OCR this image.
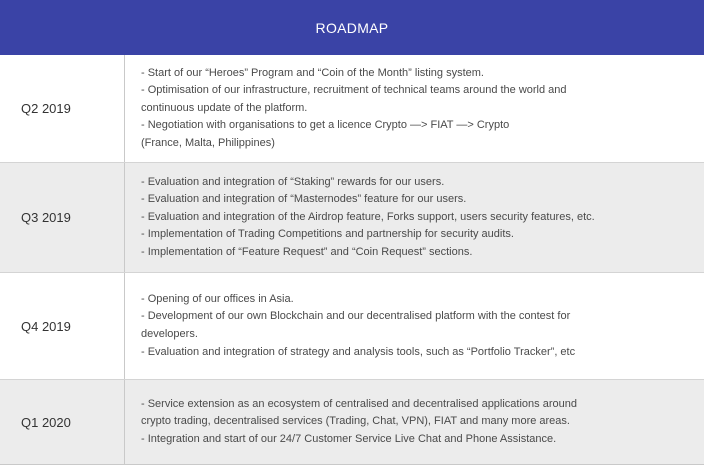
ROADMAP
Q2 2019
- Start of our “Heroes” Program and “Coin of the Month” listing system.
- Optimisation of our infrastructure, recruitment of technical teams around the world and
continuous update of the platform.
- Negotiation with organisations to get a licence Crypto —> FIAT —> Crypto
(France, Malta, Philippines)
Q3 2019
- Evaluation and integration of “Staking” rewards for our users.
- Evaluation and integration of “Masternodes” feature for our users.
- Evaluation and integration of the Airdrop feature, Forks support, users security features, etc.
- Implementation of Trading Competitions and partnership for security audits.
- Implementation of “Feature Request” and “Coin Request” sections.
Q4 2019
- Opening of our offices in Asia.
- Development of our own Blockchain and our decentralised platform with the contest for
developers.
- Evaluation and integration of strategy and analysis tools, such as “Portfolio Tracker”, etc
Q1 2020
- Service extension as an ecosystem of centralised and decentralised applications around
crypto trading, decentralised services (Trading, Chat, VPN), FIAT and many more areas.
- Integration and start of our 24/7 Customer Service Live Chat and Phone Assistance.
